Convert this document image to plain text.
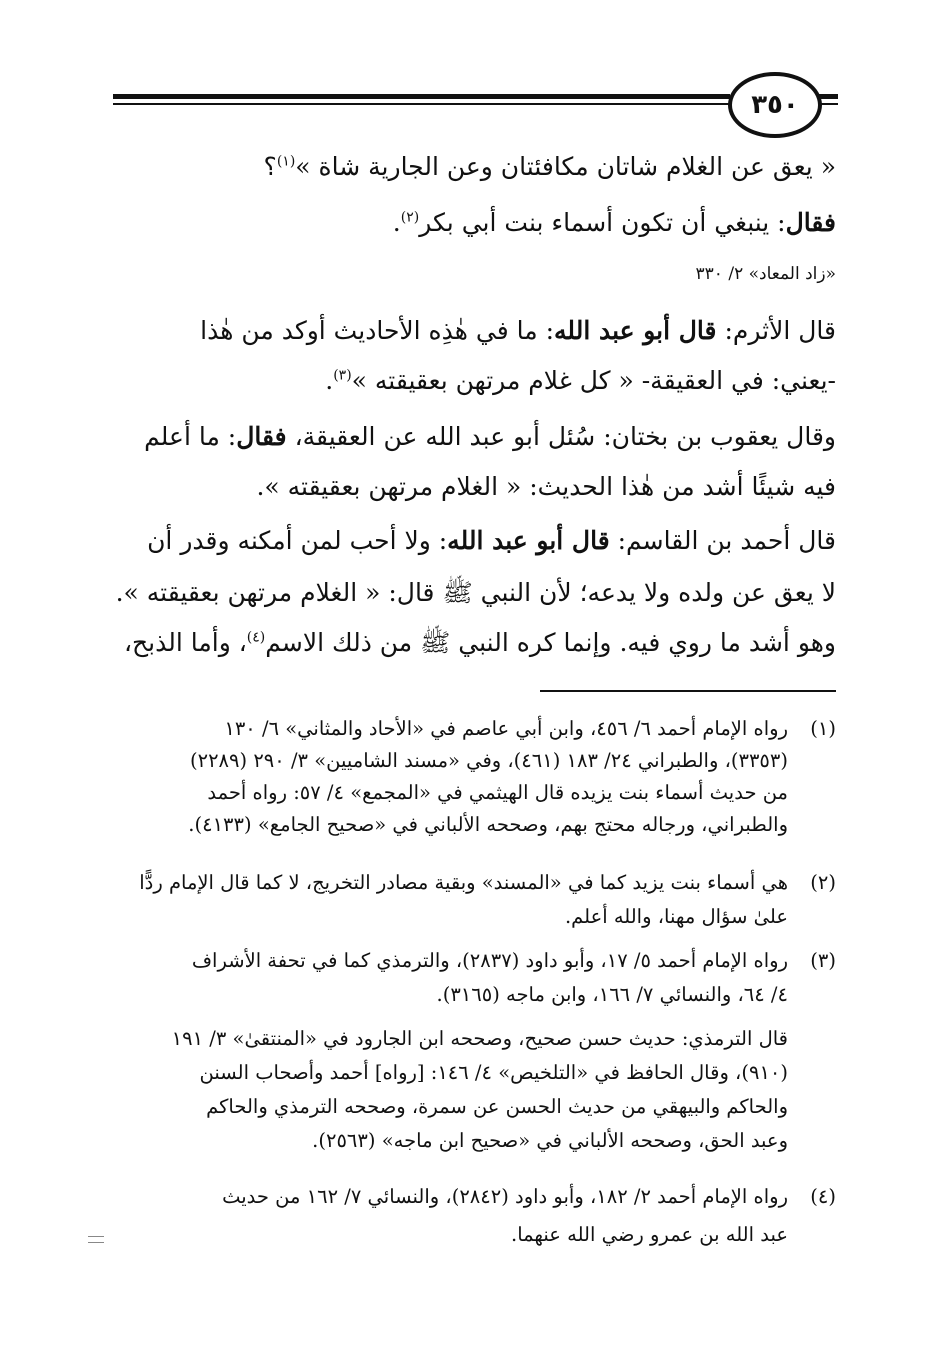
٣٥٠
« يعق عن الغلام شاتان مكافئتان وعن الجارية شاة »$^{(١)}$؟
فقال: ينبغي أن تكون أسماء بنت أبي بكر$^{(٢)}$.
«زاد المعاد» ٢/ ٣٣٠
قال الأثرم: قال أبو عبد الله: ما في هٰذِه الأحاديث أوكد من هٰذا
-يعني: في العقيقة- « كل غلام مرتهن بعقيقته »$^{(٣)}$.
وقال يعقوب بن بختان: سُئل أبو عبد الله عن العقيقة، فقال: ما أعلم
فيه شيئًا أشد من هٰذا الحديث: « الغلام مرتهن بعقيقته ».
قال أحمد بن القاسم: قال أبو عبد الله: ولا أحب لمن أمكنه وقدر أن
لا يعق عن ولده ولا يدعه؛ لأن النبي ﷺ قال: « الغلام مرتهن بعقيقته ».
وهو أشد ما روي فيه. وإنما كره النبي ﷺ من ذلك الاسم$^{(٤)}$، وأما الذبح،
(١)
رواه الإمام أحمد ٦/ ٤٥٦، وابن أبي عاصم في «الأحاد والمثاني» ٦/ ١٣٠
(٣٣٥٣)، والطبراني ٢٤/ ١٨٣ (٤٦١)، وفي «مسند الشاميين» ٣/ ٢٩٠ (٢٢٨٩)
من حديث أسماء بنت يزيده قال الهيثمي في «المجمع» ٤/ ٥٧: رواه أحمد
والطبراني، ورجاله محتج بهم، وصححه الألباني في «صحيح الجامع» (٤١٣٣).
(٢)
هي أسماء بنت يزيد كما في «المسند» وبقية مصادر التخريج، لا كما قال الإمام ردًّا
علىٰ سؤال مهنا، والله أعلم.
(٣)
رواه الإمام أحمد ٥/ ١٧، وأبو داود (٢٨٣٧)، والترمذي كما في تحفة الأشراف
٤/ ٦٤، والنسائي ٧/ ١٦٦، وابن ماجه (٣١٦٥).
قال الترمذي: حديث حسن صحيح، وصححه ابن الجارود في «المنتقىٰ» ٣/ ١٩١
(٩١٠)، وقال الحافظ في «التلخيص» ٤/ ١٤٦: [رواه] أحمد وأصحاب السنن
والحاكم والبيهقي من حديث الحسن عن سمرة، وصححه الترمذي والحاكم
وعبد الحق، وصححه الألباني في «صحيح ابن ماجه» (٢٥٦٣).
(٤)
رواه الإمام أحمد ٢/ ١٨٢، وأبو داود (٢٨٤٢)، والنسائي ٧/ ١٦٢ من حديث
عبد الله بن عمرو رضي الله عنهما.
